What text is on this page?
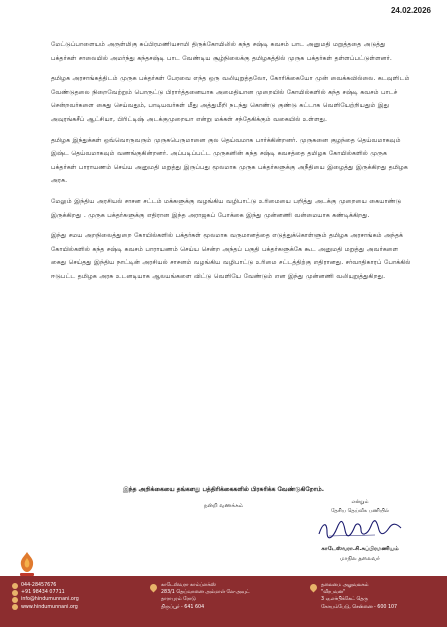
24.02.2026

மேட்டுப்பாளையம் அருள்மிகு சுப்பிரமணியசாமி திருக்கோயிலில் கந்த சஷ்டி கவசம் பாட அனுமதி மறுத்ததை அடுத்து பக்தர்கள் சாலையில் அமர்ந்து கந்தசஷ்டி பாட வேண்டிய சூழ்நிலைக்கு தமிழகத்தில் முருக பக்தர்கள் தள்ளப்பட்டுள்ளனர்.

தமிழக அரசாங்கத்திடம் முருக பக்தர்கள் பேரவை எந்த ஒரு வலியுறுத்தலோ, கோரிக்கையோ முன் வைக்கவில்லை. கடவுளிடம் வேண்டுதலை நிறைவேற்றும் பொருட்டு பிரார்த்தனையாக அமைதியான முறையில் கோயில்களில் கந்த சஷ்டி கவசம் பாடச் சென்றவர்களை கைது செய்வதும், பாடியவர்கள் மீது அத்துமீறி நடந்து கொண்டு குண்டு கட்டாக வெளியேற்றியதும் இது அவுரங்கசீப் ஆட்சியா, பிரிட்டிஷ் அடக்குமுறையா என்று மக்கள் சந்தேகிக்கும் வகையில் உள்ளது.

தமிழக இந்துக்கள் ஒவ்வொருவரும் முருகபெருமானை குல தெய்வமாக பார்க்கின்றனர். முருகனை குழந்தை தெய்வமாகவும் இஷ்ட தெய்வமாகவும் வணங்குகின்றனர். அப்படிப்பட்ட முருகனின் கந்த சஷ்டி கவசத்தை தமிழக கோயில்களில் முருக பக்தர்கள் பாராயணம் செய்ய அனுமதி மறுத்து இருப்பது மூலமாக முருக பக்தர்களுக்கு அநீதியை இழைத்து இருக்கிறது தமிழக அரசு.

மேலும் இந்திய அரசியல் சாசன சட்டம் மக்களுக்கு வழங்கிய வழிபாட்டு உரிமையை பறித்து அடக்கு முறையை கையாண்டு இருக்கிறது . முருக பக்தர்களுக்கு எதிரான இந்த அராஜகப் போக்கை இந்து முன்னணி வன்மையாக கண்டிக்கிறது.

இந்து சமய அறநிலைத்துறை கோயில்களில் பக்தர்கள் மூலமாக வருமானத்தை எடுத்துக்கொள்ளும் தமிழக அரசாங்கம் அந்தக் கோயில்களில் கந்த சஷ்டி கவசம் பாராயணம் செய்ய சென்ற அந்தப் பகுதி பக்தர்களுக்கே கூட அனுமதி மறுத்து அவர்களை கைது செய்தது இந்திய நாட்டின் அரசியல் சாசனம் வழங்கிய வழிபாட்டு உரிமை சட்டத்திற்கு எதிரானது. சர்வாதிகாரப் போக்கில் ஈடுபட்ட தமிழக அரசு உடனடியாக ஆலயங்களை விட்டு வெளியே வேண்டும் என இந்து முன்னணி வலியுறுத்துகிறது.

இந்த அறிக்கையை தங்களது பத்திரிக்கைகளில் பிரசுரிக்க வேண்டுகிறோம்.
நன்றி வணக்கம்
என்றும்
தேசிய தெய்வீக பணியில்
காடேஸ்வரா.சி.சுப்பிரமணியம்
மாநில தலைவர்
044-28457676
+91 98434 07711
info@hindumunnani.org
www.hindumunnani.org
காடேஸ்வரா காம்ப்ளக்ஸ்
283/1 தெய்வானை அம்மாள் லே-அவுட்
தாராபுரம் ரோடு
திருப்பூர் - 641 604
தலைமை அலுவலகம்
"வீரபவன"
3 ஏ,எச்பிக்கேட் தெரு
கோயம்பேடு, சென்னை - 600 107
